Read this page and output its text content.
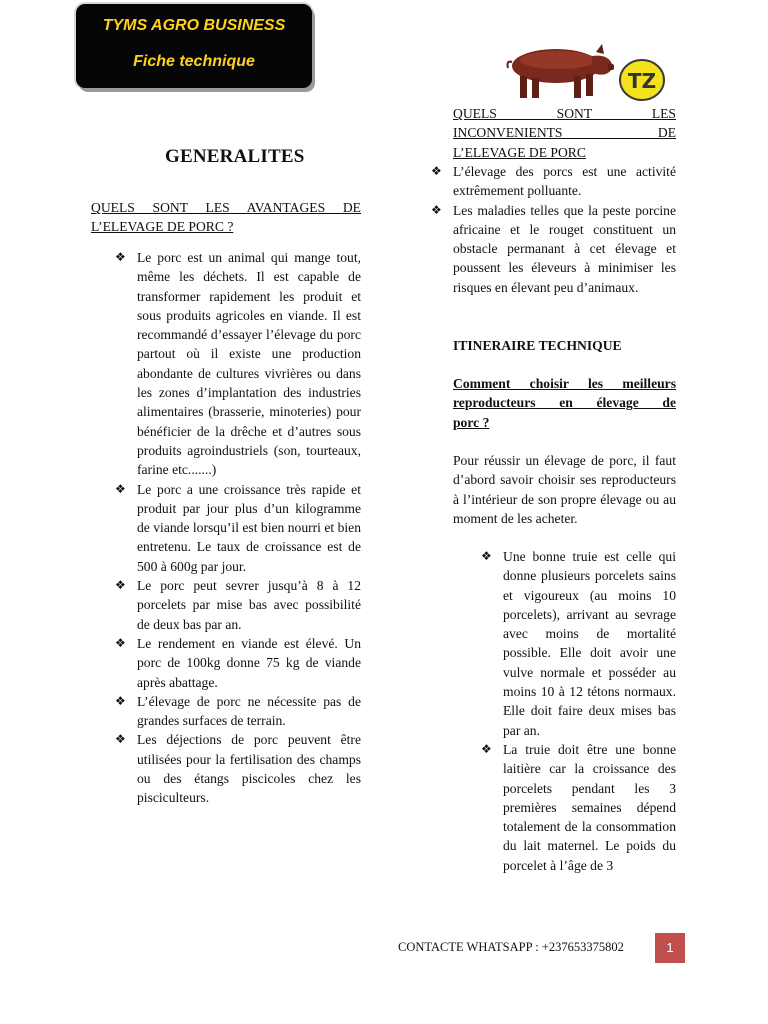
TYMS AGRO BUSINESS
Fiche technique
TZ
GENERALITES
QUELS SONT LES AVANTAGES DE
L’ELEVAGE DE PORC ?
❖ Le porc est un animal qui mange tout, même les déchets. Il est capable de transformer rapidement les produit et sous produits agricoles en viande. Il est recommandé d’essayer l’élevage du porc partout où il existe une production abondante de cultures vivrières ou dans les zones d’implantation des industries alimentaires (brasserie, minoteries) pour bénéficier de la drêche et d’autres sous produits agroindustriels (son, tourteaux, farine etc.......)
❖ Le porc a une croissance très rapide et produit par jour plus d’un kilogramme de viande lorsqu’il est bien nourri et bien entretenu. Le taux de croissance est de 500 à 600g par jour.
❖ Le porc peut sevrer jusqu’à 8 à 12 porcelets par mise bas avec possibilité de deux bas par an.
❖ Le rendement en viande est élevé. Un porc de 100kg donne 75 kg de viande après abattage.
❖ L’élevage de porc ne nécessite pas de grandes surfaces de terrain.
❖ Les déjections de porc peuvent être utilisées pour la fertilisation des champs ou des étangs piscicoles chez les pisciculteurs.
QUELS SONT LES
INCONVENIENTS DE
L’ELEVAGE DE PORC
❖ L’élevage des porcs est une activité extrêmement polluante.
❖ Les maladies telles que la peste porcine africaine et le rouget constituent un obstacle permanant à cet élevage et poussent les éleveurs à minimiser les risques en élevant peu d’animaux.
ITINERAIRE TECHNIQUE
Comment choisir les meilleurs
reproducteurs en élevage de
porc ?
Pour réussir un élevage de porc, il faut d’abord savoir choisir ses reproducteurs à l’intérieur de son propre élevage ou au moment de les acheter.
❖ Une bonne truie est celle qui donne plusieurs porcelets sains et vigoureux (au moins 10 porcelets), arrivant au sevrage avec moins de mortalité possible. Elle doit avoir une vulve normale et posséder au moins 10 à 12 tétons normaux. Elle doit faire deux mises bas par an.
❖ La truie doit être une bonne laitière car la croissance des porcelets pendant les 3 premières semaines dépend totalement de la consommation du lait maternel. Le poids du porcelet à l’âge de 3
CONTACTE WHATSAPP : +237653375802	1
